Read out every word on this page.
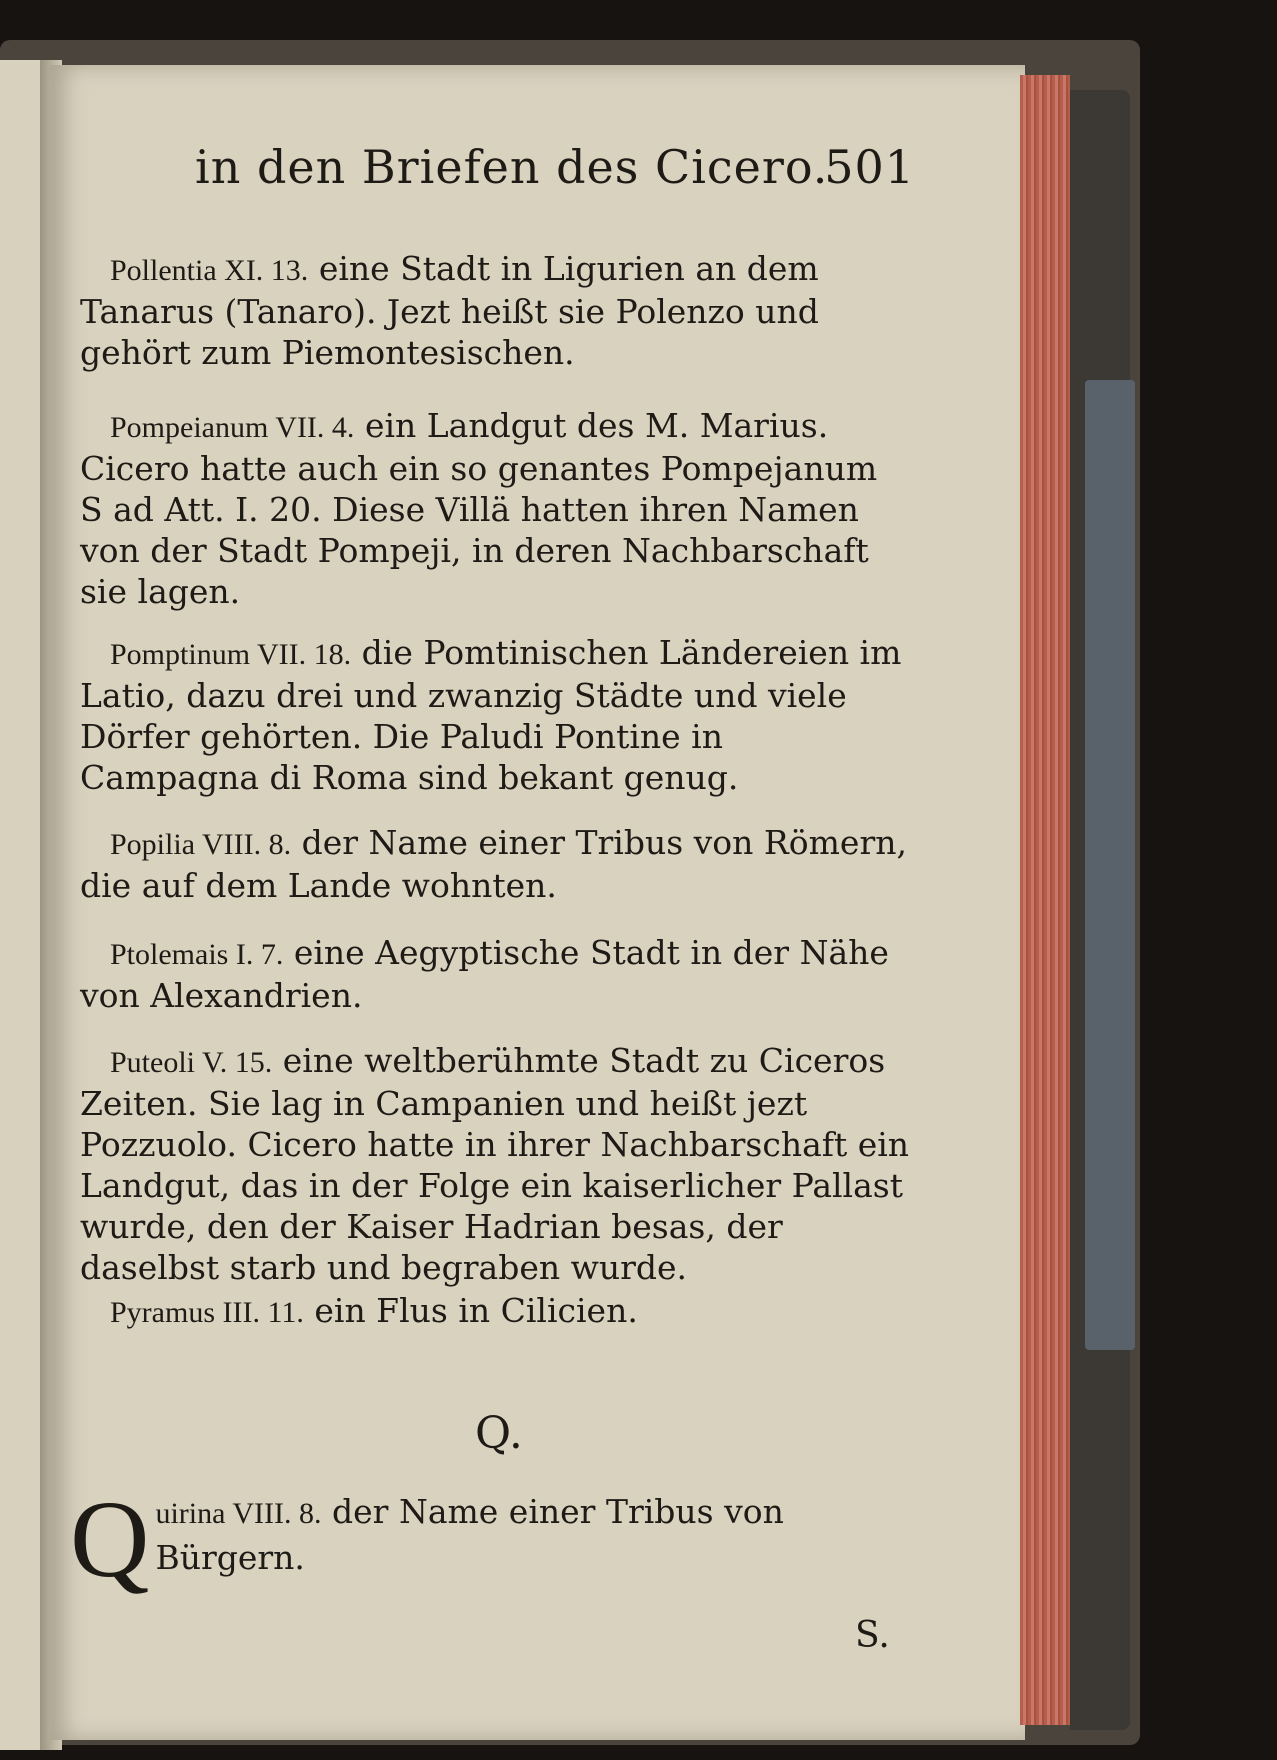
in den Briefen des Cicero.
501

Pollentia XI. 13. eine Stadt in Ligurien an dem Tanarus (Tanaro). Jezt heißt sie Polenzo und gehört zum Piemontesischen.

Pompeianum VII. 4. ein Landgut des M. Marius. Cicero hatte auch ein so genantes Pompejanum S ad Att. I. 20. Diese Villä hatten ihren Namen von der Stadt Pompeji, in deren Nachbarschaft sie lagen.

Pomptinum VII. 18. die Pomtinischen Ländereien im Latio, dazu drei und zwanzig Städte und viele Dörfer gehörten. Die Paludi Pontine in Campagna di Roma sind bekant genug.

Popilia VIII. 8. der Name einer Tribus von Römern, die auf dem Lande wohnten.

Ptolemais I. 7. eine Aegyptische Stadt in der Nähe von Alexandrien.

Puteoli V. 15. eine weltberühmte Stadt zu Ciceros Zeiten. Sie lag in Campanien und heißt jezt Pozzuolo. Cicero hatte in ihrer Nachbarschaft ein Landgut, das in der Folge ein kaiserlicher Pallast wurde, den der Kaiser Hadrian besas, der daselbst starb und begraben wurde.

Pyramus III. 11. ein Flus in Cilicien.

Q.
Q uirina VIII. 8. der Name einer Tribus von Bürgern.
S.
